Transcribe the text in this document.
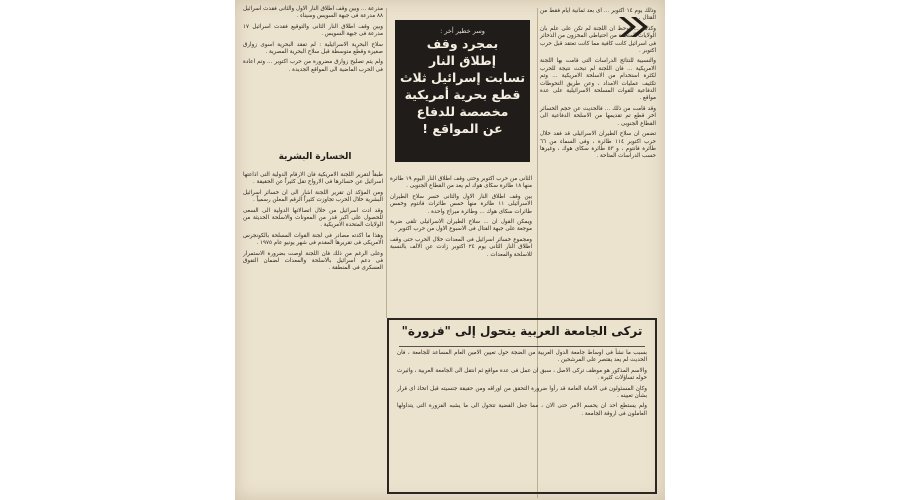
وذلك يوم ١٤ اكتوبر ... اى بعد ثمانية ايام فقط من القتال .

وكذلك ... لوحظ ان اللجنة لم تكن على علم بان الولايات المتحدة من احتياطى المخزون من الذخائر فى اسرائيل كانت كافية مما كانت تعتقد قبل حرب اكتوبر .

والنسبية للنتائج الدراسات التى قامت بها اللجنة الامريكية ... فان اللجنة لم تبحث نتيجة للحرب لكثرة استخدام من الاسلحة الامريكية ... وتم تكثيف عمليات الامداد ، وعن طريق التحوطات الدفاعية للقوات المسلحة الاسرائيلية على عدة مواقع .

وقد قامت من ذلك ... فالحديث عن حجم الخسائر اخر قطع تم تقديمها من الاسلحة الدفاعية الى القطاع الجنوبى .

تضمن ان سلاح الطيران الاسرائيلى قد فقد خلال حرب اكتوبر ١١٤ طائرة ، وفى السماء من ٦٦ طائرة فانتوم ، و ٥٣ طائرة سكاى هوك ، وغيرها حسب الدراسات المتاحة .

وسر خطير أخر :
بمجرد وقف
إطلاق النار
تسابت إسرائيل ثلاث
قطع بحرية أمريكية
مخصصة للدفاع
عن المواقع !

الثانى من حرب اكتوبر وحتى وقف اطلاق النار اليوم ١٩ طائرة منها ١٨ طائرة سكاى هوك لم يعد من القطاع الجنوبى .

بين وقف اطلاق النار الاول والثانى خسر سلاح الطيران الاسرائيلى ١١ طائرة منها خمس طائرات فانتوم وخمس طائرات سكاى هوك ... وطائرة ميراج واحدة .

ويمكن القول ان ... سلاح الطيران الاسرائيلى تلقى ضربة موجعة على جبهة القتال فى الاسبوع الاول من حرب اكتوبر .

ومجموع خسائر اسرائيل فى المعدات خلال الحرب حتى وقف اطلاق النار الثانى يوم ٢٤ اكتوبر زادت عن الالف بالنسبة للاسلحة والمعدات .

مدرعة ... وبين وقف اطلاق النار الاول والثانى فقدت اسرائيل ٨٨ مدرعة فى جبهة السويس وسيناء .

وبين وقف اطلاق النار الثانى والتوقيع فقدت اسرائيل ١٧ مدرعة فى جبهة السويس .

سلاح البحرية الاسرائيلية : لم تفقد البحرية اسوى زوارق صغيرة وقطع متوسطة قبل سلاح البحرية المصرية .

ولم يتم تصليح زوارق مضرورة من حرب اكتوبر ... وتم اعادة فى الحرب الماضية الى المواقع الجديدة .

الخسارة البشرية

طبقاً لتقرير اللجنة الامريكية فان الارقام الدولية التى اذاعتها اسرائيل عن خسائرها فى الارواح تقل كثيراً عن الحقيقة .

ومن المؤكد ان تقرير اللجنة اشار الى ان خسائر اسرائيل البشرية خلال الحرب تجاوزت كثيراً الرقم المعلن رسمياً .

وقد ادت اسرائيل من خلال اتصالاتها الدولية الى السعى للحصول على اكبر قدر من المعونات والاسلحة الحديثة من الولايات المتحدة الامريكية .

وهذا ما اكدته مصادر فى لجنة القوات المسلحة بالكونجرس الامريكى فى تقريرها المقدم فى شهر يونيو عام ١٩٧٥ .

وعلى الرغم من ذلك فان اللجنة اوصت بضرورة الاستمرار فى دعم اسرائيل بالاسلحة والمعدات لضمان التفوق العسكرى فى المنطقة .

تركى الجامعة العربية يتحول إلى "فزورة"

بسبب ما نشأ فى اوساط جامعة الدول العربية من الضجة حول تعيين الامين العام المساعد للجامعة ، فان الحديث لم يعد يقتصر على المرشحين .

والاسم المذكور هو موظف تركى الاصل ، سبق ان عمل فى عدة مواقع ثم انتقل الى الجامعة العربية ، واثيرت حوله تساؤلات كثيرة .

وكان المسئولون فى الامانة العامة قد رأوا ضرورة التحقق من اوراقه ومن حقيقة جنسيته قبل اتخاذ اى قرار بشأن تعيينه .

ولم يستطع احد ان يحسم الامر حتى الان ، مما جعل القضية تتحول الى ما يشبه الفزورة التى يتداولها العاملون فى اروقة الجامعة .
